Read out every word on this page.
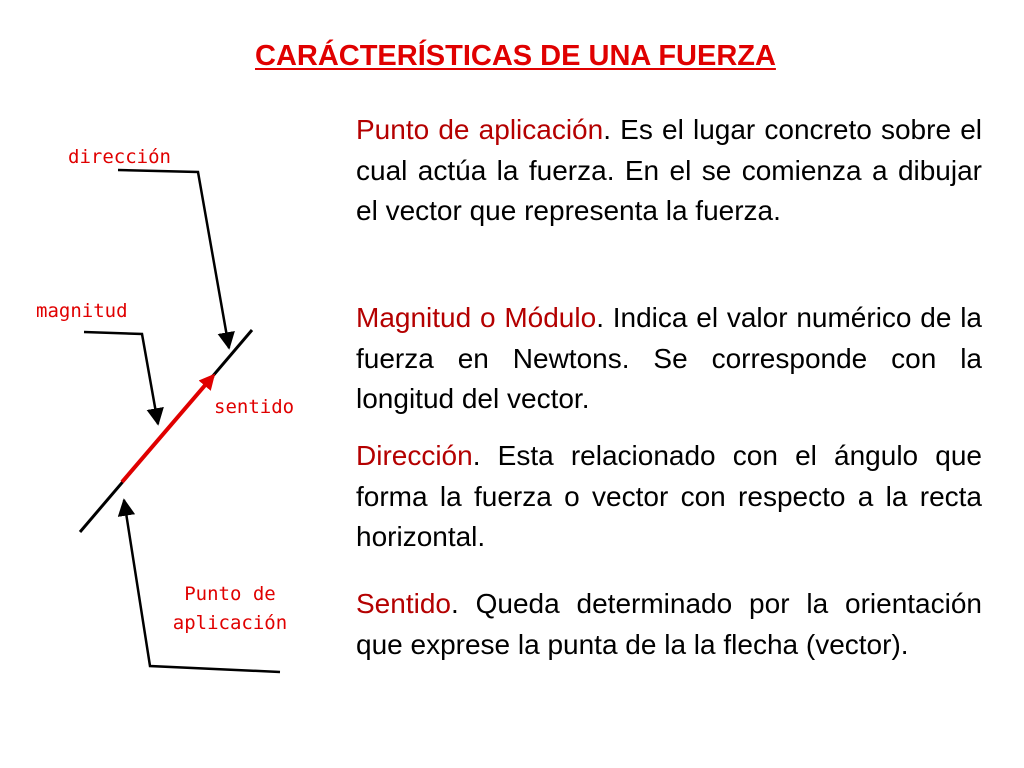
CARÁCTERÍSTICAS DE UNA FUERZA

Punto de aplicación. Es el lugar concreto sobre el cual actúa la fuerza. En el se comienza a dibujar el vector que representa la fuerza.

Magnitud o Módulo. Indica el valor numérico de la fuerza en Newtons. Se corresponde con la longitud del vector.

Dirección. Esta relacionado con el ángulo que forma la fuerza o vector con respecto a la recta horizontal.

Sentido. Queda determinado por la orientación que exprese la punta de la la flecha (vector).

dirección
magnitud
sentido
Punto de
aplicación
